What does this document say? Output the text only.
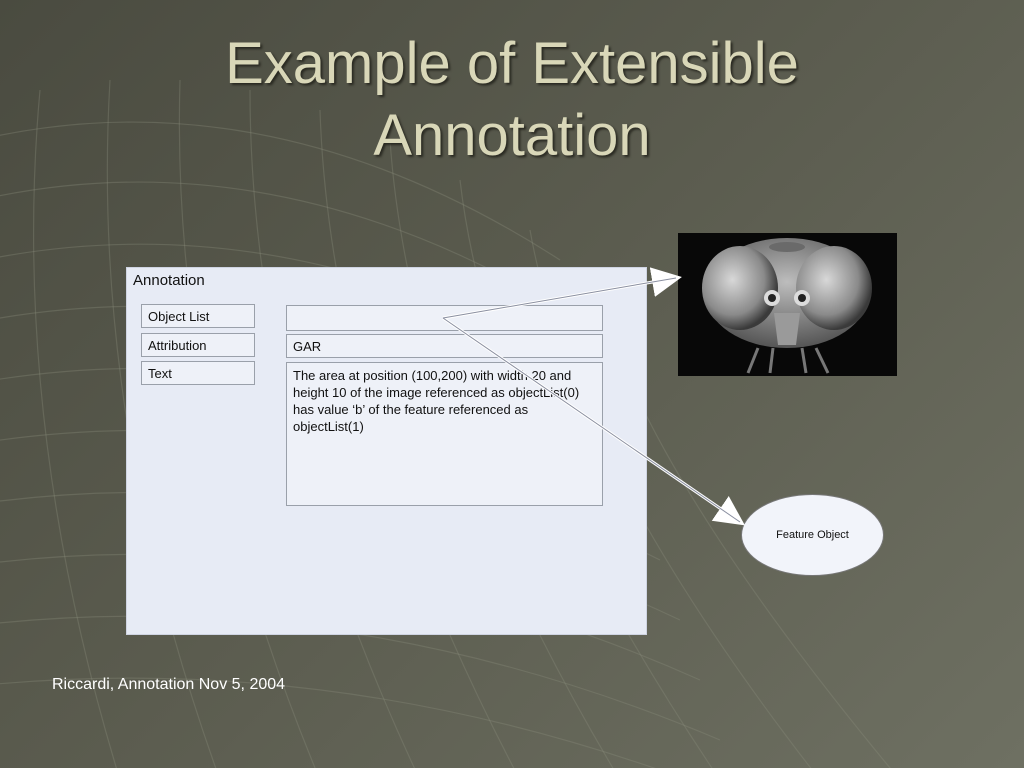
Example of Extensible
Annotation
Annotation
Object List
Attribution	GAR
Text	The area at position (100,200) with width 20 and height 10 of the image referenced as objectList(0) has value ‘b’ of the feature referenced as objectList(1)
Feature Object
Riccardi, Annotation Nov 5, 2004
